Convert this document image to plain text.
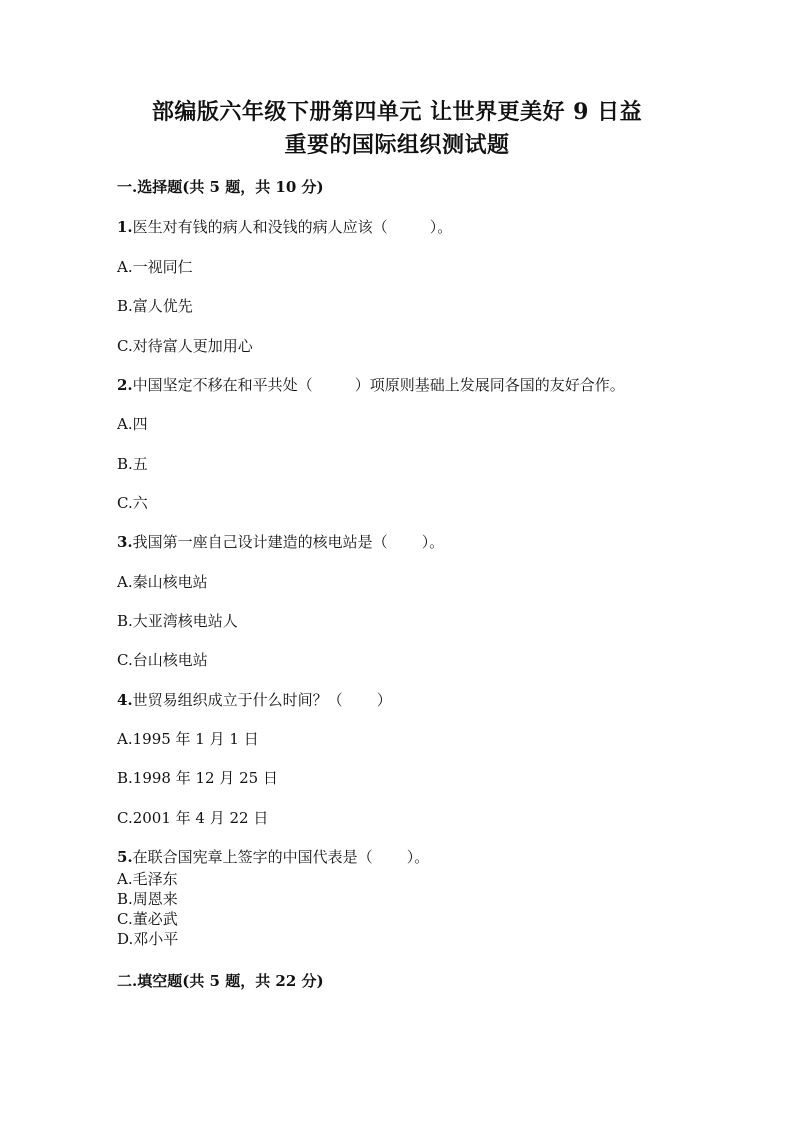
部编版六年级下册第四单元 让世界更美好 9 日益
重要的国际组织测试题
一.选择题(共 5 题，共 10 分)
1.医生对有钱的病人和没钱的病人应该（	）。
A.一视同仁
B.富人优先
C.对待富人更加用心
2.中国坚定不移在和平共处（	）项原则基础上发展同各国的友好合作。
A.四
B.五
C.六
3.我国第一座自己设计建造的核电站是（ ）。
A.秦山核电站
B.大亚湾核电站人
C.台山核电站
4.世贸易组织成立于什么时间？（ ）
A.1995 年 1 月 1 日
B.1998 年 12 月 25 日
C.2001 年 4 月 22 日
5.在联合国宪章上签字的中国代表是（ ）。
A.毛泽东
B.周恩来
C.董必武
D.邓小平
二.填空题(共 5 题，共 22 分)
